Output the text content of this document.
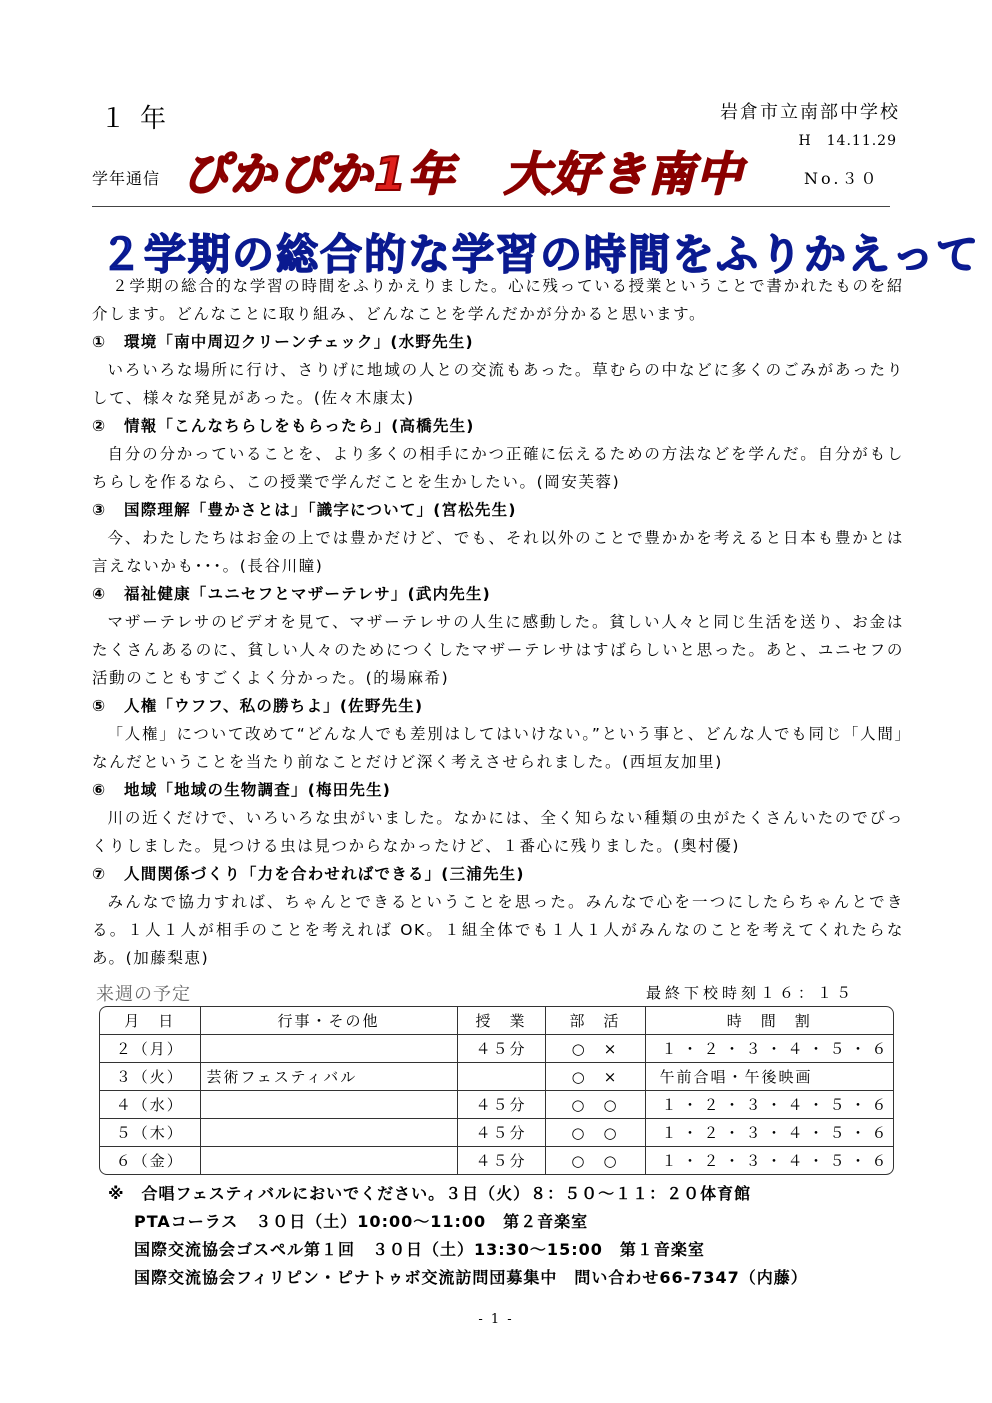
１年	岩倉市立南部中学校
H　14.11.29
学年通信 ぴかぴか1年　大好き南中	No.３０
２学期の総合的な学習の時間をふりかえって

２学期の総合的な学習の時間をふりかえりました。心に残っている授業ということで書かれたものを紹介します。どんなことに取り組み、どんなことを学んだかが分かると思います。

① 環境「南中周辺クリーンチェック」(水野先生)

いろいろな場所に行け、さりげに地域の人との交流もあった。草むらの中などに多くのごみがあったりして、様々な発見があった。(佐々木康太)

② 情報「こんなちらしをもらったら」(高橋先生)

自分の分かっていることを、より多くの相手にかつ正確に伝えるための方法などを学んだ。自分がもしちらしを作るなら、この授業で学んだことを生かしたい。(岡安芙蓉)

③ 国際理解「豊かさとは」「識字について」(宮松先生)

今、わたしたちはお金の上では豊かだけど、でも、それ以外のことで豊かかを考えると日本も豊かとは言えないかも･･･。(長谷川瞳)

④ 福祉健康「ユニセフとマザーテレサ」(武内先生)

マザーテレサのビデオを見て、マザーテレサの人生に感動した。貧しい人々と同じ生活を送り、お金はたくさんあるのに、貧しい人々のためにつくしたマザーテレサはすばらしいと思った。あと、ユニセフの活動のこともすごくよく分かった。(的場麻希)

⑤ 人権「ウフフ、私の勝ちよ」(佐野先生)

「人権」について改めて“どんな人でも差別はしてはいけない。”という事と、どんな人でも同じ「人間」なんだということを当たり前なことだけど深く考えさせられました。(西垣友加里)

⑥ 地域「地域の生物調査」(梅田先生)

川の近くだけで、いろいろな虫がいました。なかには、全く知らない種類の虫がたくさんいたのでびっくりしました。見つける虫は見つからなかったけど、１番心に残りました。(奥村優)

⑦ 人間関係づくり「力を合わせればできる」(三浦先生)

みんなで協力すれば、ちゃんとできるということを思った。みんなで心を一つにしたらちゃんとできる。１人１人が相手のことを考えれば OK。１組全体でも１人１人がみんなのことを考えてくれたらなあ。(加藤梨恵)

来週の予定	最終下校時刻１６：１５
月　日	行事・その他	授　業	部　活	時　間　割
２（月）		４５分	○　×	１・２・３・４・５・６
３（火）	芸術フェスティバル		○　×	午前合唱・午後映画
４（水）		４５分	○　○	１・２・３・４・５・６
５（木）		４５分	○　○	１・２・３・４・５・６
６（金）		４５分	○　○	１・２・３・４・５・６
※　合唱フェスティバルにおいでください。３日（火）８：５０～１１：２０体育館
PTAコーラス　３０日（土）10:00～11:00　第２音楽室
国際交流協会ゴスペル第１回　３０日（土）13:30～15:00　第１音楽室
国際交流協会フィリピン・ピナトゥボ交流訪問団募集中　問い合わせ66-7347（内藤）
- 1 -
